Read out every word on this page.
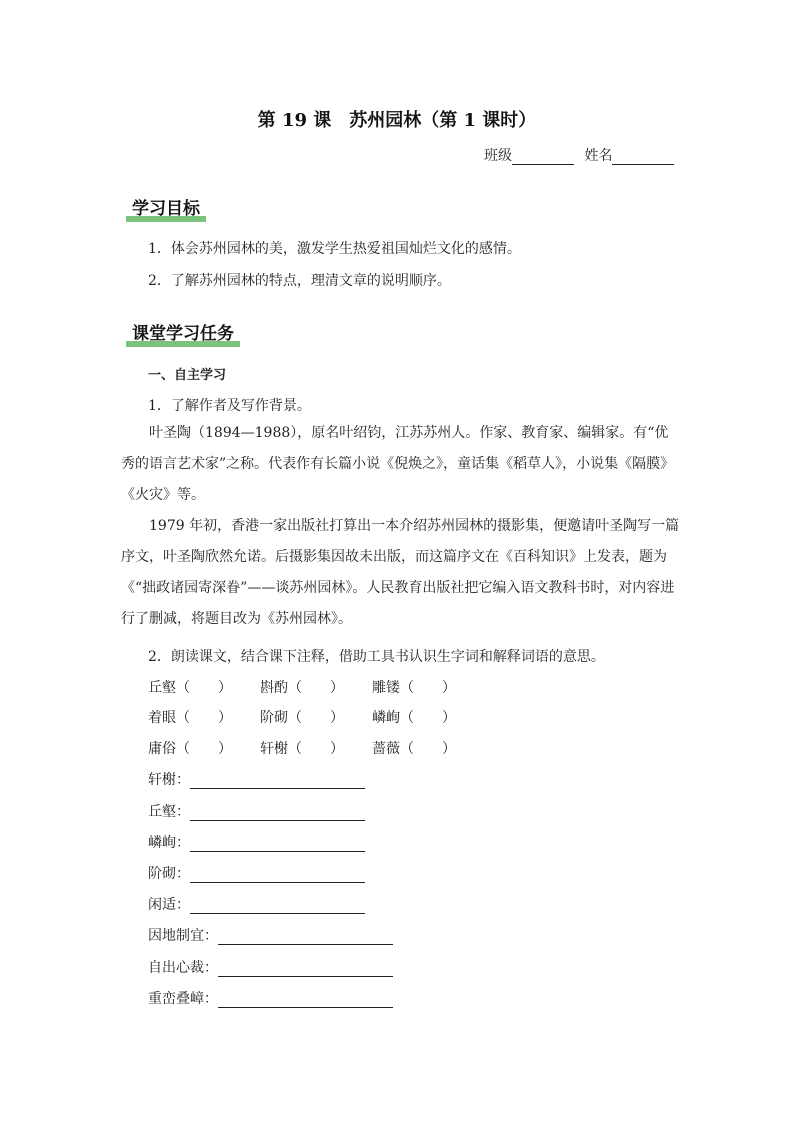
第 19 课　苏州园林（第 1 课时）
班级	姓名
学习目标
1．体会苏州园林的美，激发学生热爱祖国灿烂文化的感情。
2．了解苏州园林的特点，理清文章的说明顺序。
课堂学习任务
一、自主学习
1．了解作者及写作背景。
叶圣陶（1894—1988），原名叶绍钧，江苏苏州人。作家、教育家、编辑家。有“优秀的语言艺术家”之称。代表作有长篇小说《倪焕之》，童话集《稻草人》，小说集《隔膜》《火灾》等。
1979 年初，香港一家出版社打算出一本介绍苏州园林的摄影集，便邀请叶圣陶写一篇序文，叶圣陶欣然允诺。后摄影集因故未出版，而这篇序文在《百科知识》上发表，题为《“拙政诸园寄深眷”——谈苏州园林》。人民教育出版社把它编入语文教科书时，对内容进行了删减，将题目改为《苏州园林》。
2．朗读课文，结合课下注释，借助工具书认识生字词和解释词语的意思。
丘壑（　　） 斟酌（　　） 雕镂（　　）
着眼（　　） 阶砌（　　） 嶙峋（　　）
庸俗（　　） 轩榭（　　） 蔷薇（　　）
轩榭：
丘壑：
嶙峋：
阶砌：
闲适：
因地制宜：
自出心裁：
重峦叠嶂：
